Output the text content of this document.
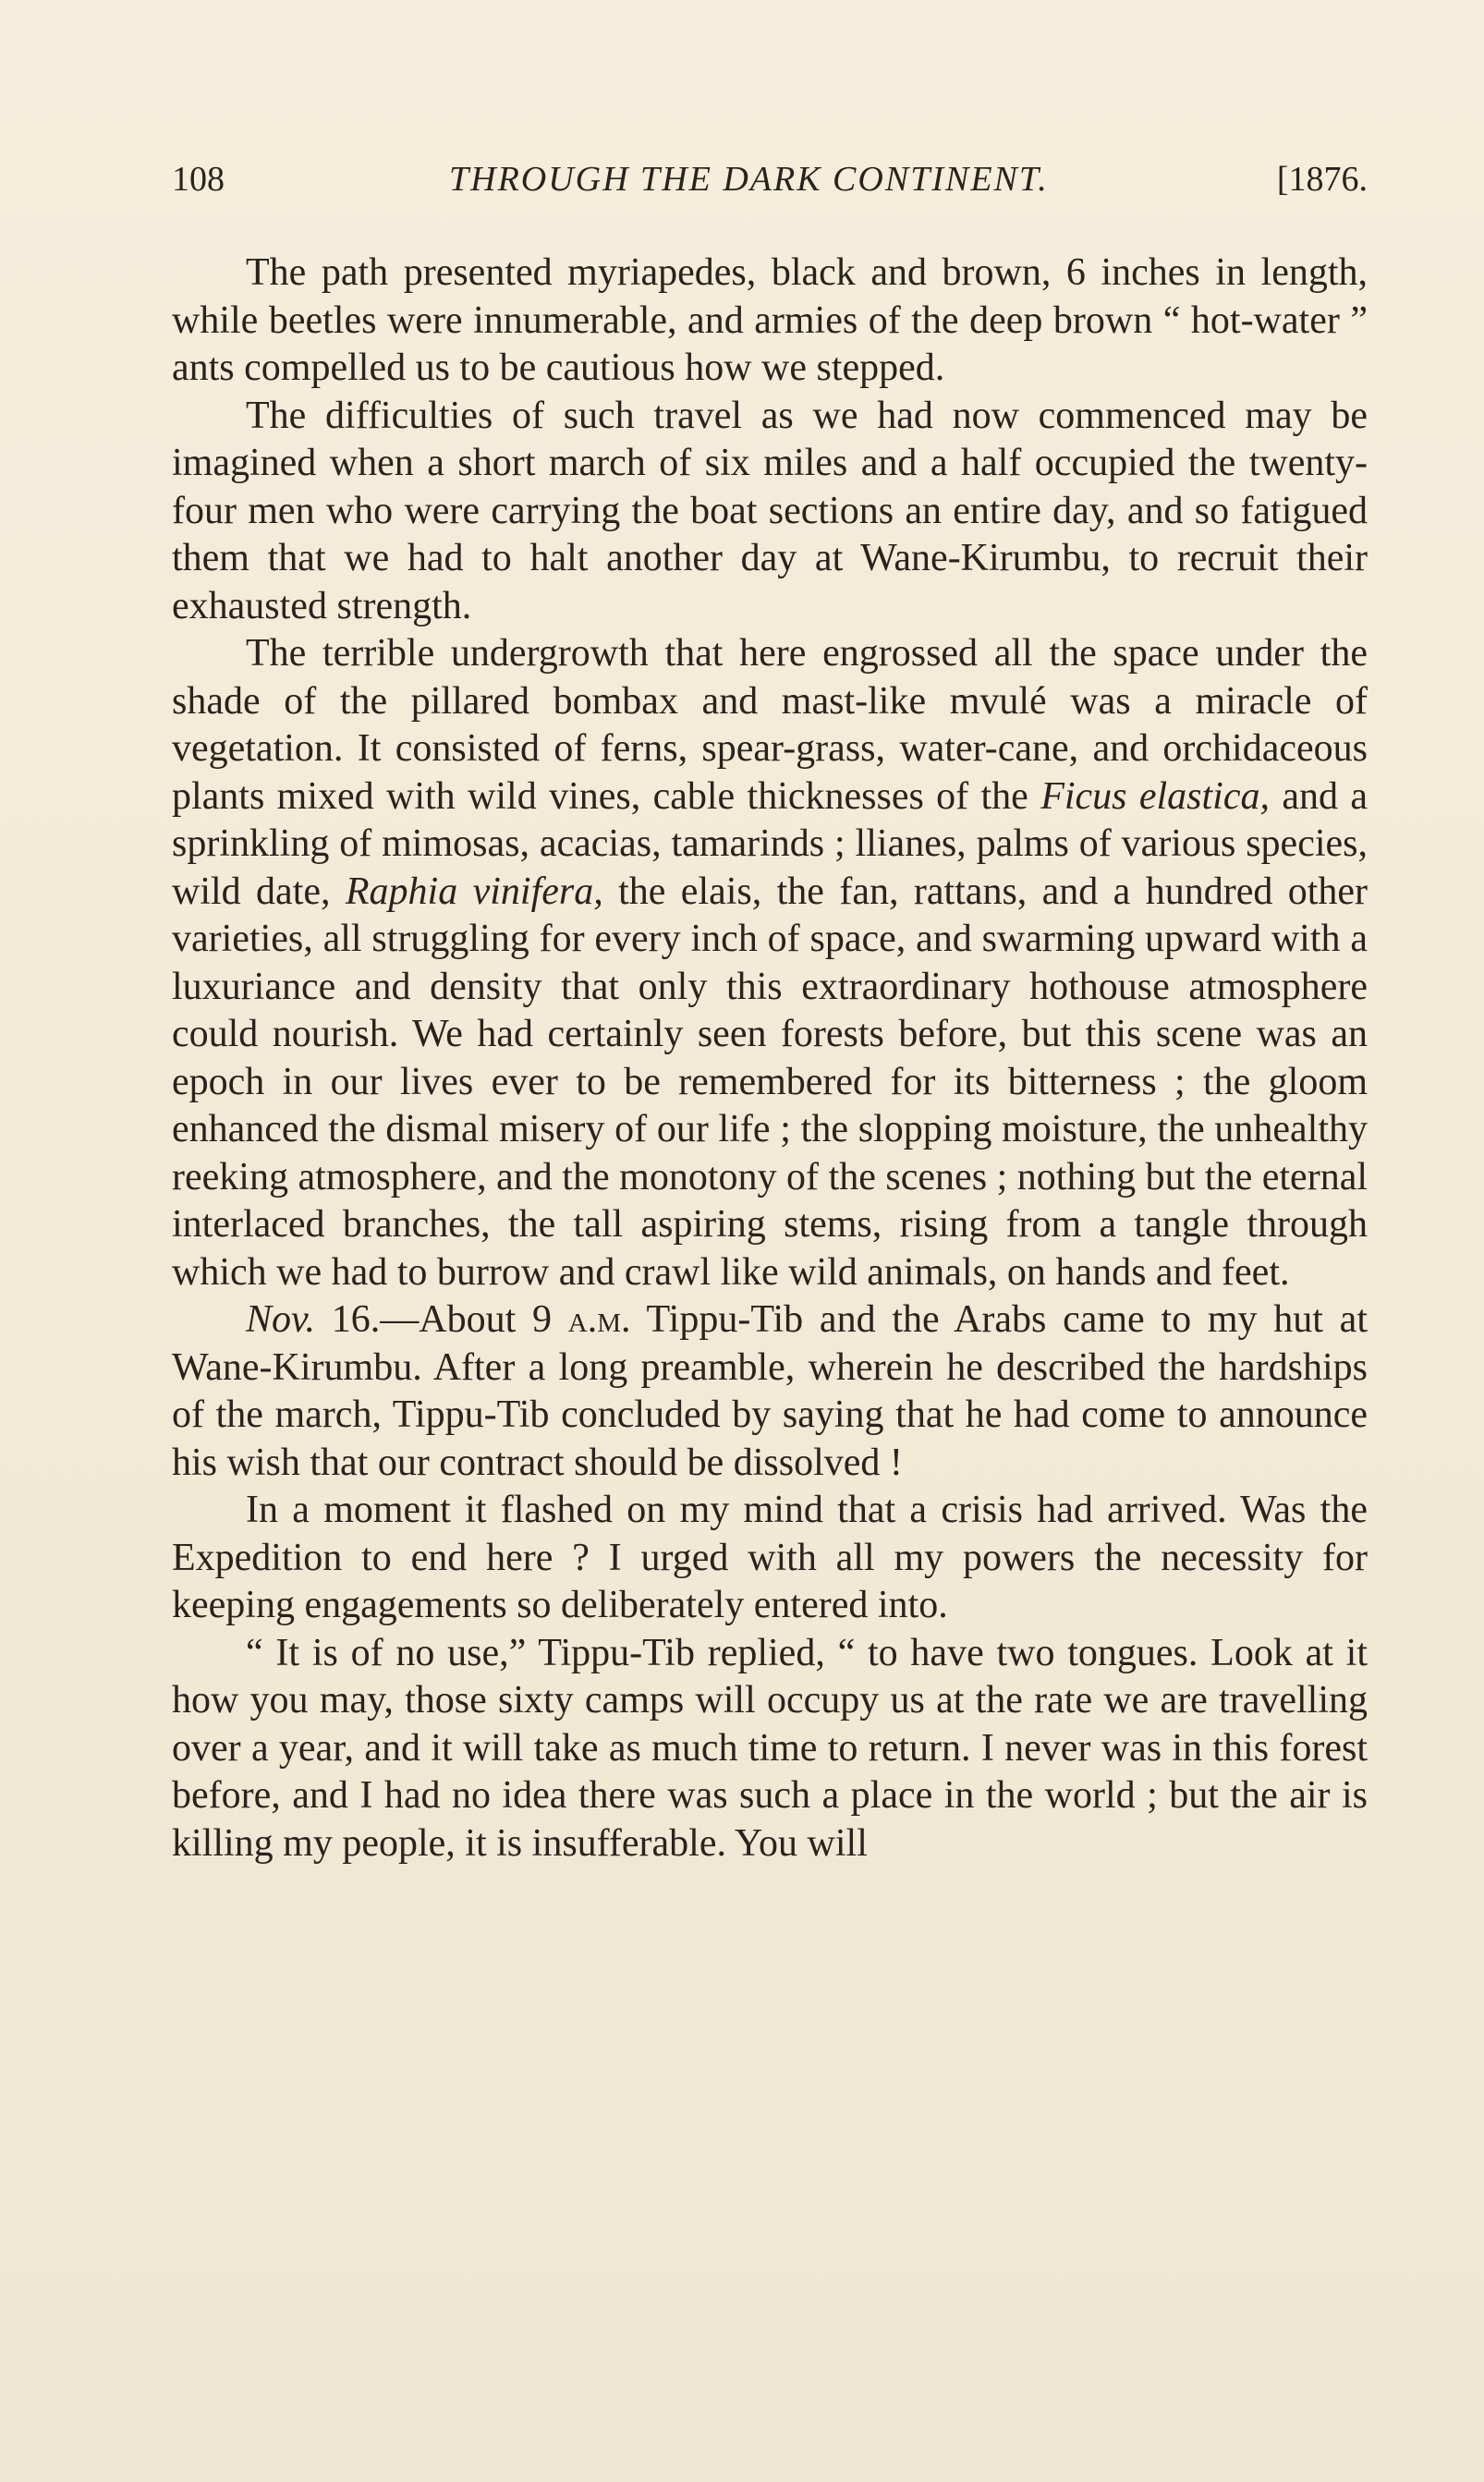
108	THROUGH THE DARK CONTINENT.	[1876.

The path presented myriapedes, black and brown, 6 inches in length, while beetles were innumerable, and armies of the deep brown “ hot-water ” ants compelled us to be cautious how we stepped.

The difficulties of such travel as we had now commenced may be imagined when a short march of six miles and a half occupied the twenty-four men who were carrying the boat sections an entire day, and so fatigued them that we had to halt another day at Wane-Kirumbu, to recruit their exhausted strength.

The terrible undergrowth that here engrossed all the space under the shade of the pillared bombax and mast-like mvulé was a miracle of vegetation. It consisted of ferns, spear-grass, water-cane, and orchidaceous plants mixed with wild vines, cable thicknesses of the Ficus elastica, and a sprinkling of mimosas, acacias, tamarinds ; llianes, palms of various species, wild date, Raphia vinifera, the elais, the fan, rattans, and a hundred other varieties, all struggling for every inch of space, and swarming upward with a luxuriance and density that only this extraordinary hothouse atmosphere could nourish. We had certainly seen forests before, but this scene was an epoch in our lives ever to be remembered for its bitterness ; the gloom enhanced the dismal misery of our life ; the slopping moisture, the unhealthy reeking atmosphere, and the monotony of the scenes ; nothing but the eternal interlaced branches, the tall aspiring stems, rising from a tangle through which we had to burrow and crawl like wild animals, on hands and feet.

Nov. 16.—About 9 a.m. Tippu-Tib and the Arabs came to my hut at Wane-Kirumbu. After a long preamble, wherein he described the hardships of the march, Tippu-Tib concluded by saying that he had come to announce his wish that our contract should be dissolved !

In a moment it flashed on my mind that a crisis had arrived. Was the Expedition to end here ? I urged with all my powers the necessity for keeping engagements so deliberately entered into.

“ It is of no use,” Tippu-Tib replied, “ to have two tongues. Look at it how you may, those sixty camps will occupy us at the rate we are travelling over a year, and it will take as much time to return. I never was in this forest before, and I had no idea there was such a place in the world ; but the air is killing my people, it is insufferable. You will
